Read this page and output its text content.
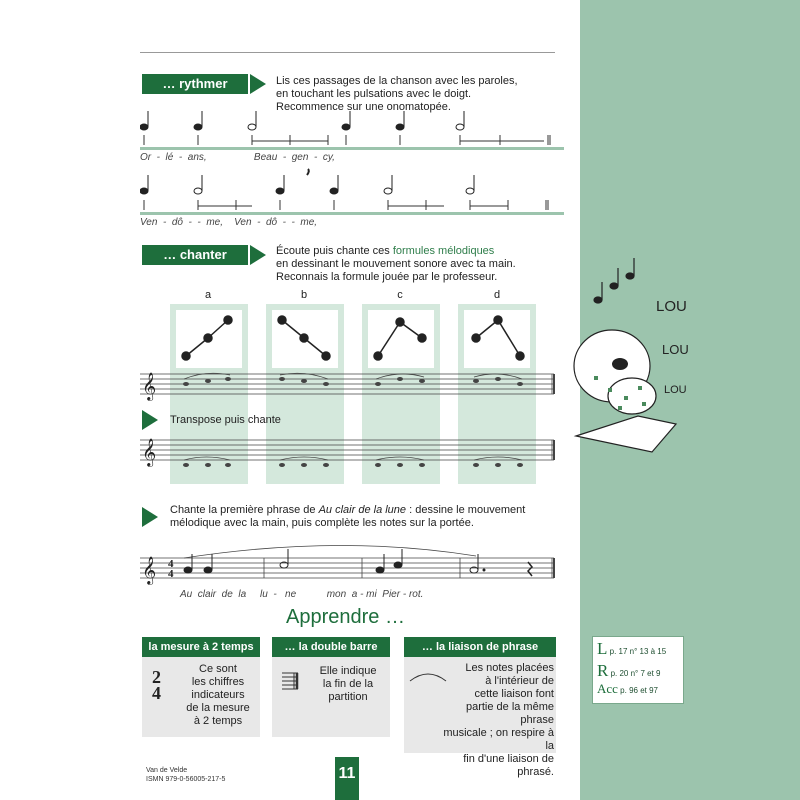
… rythmer	Lis ces passages de la chanson avec les paroles,
en touchant les pulsations avec le doigt.
Recommence sur une onomatopée.
Or  -  lé  -  ans,                 Beau  -  gen  -  cy,
Ven  -  dô  -  -  me,    Ven  -  dô  -  -  me,
… chanter	Écoute puis chante ces formules mélodiques
en dessinant le mouvement sonore avec ta main.
Reconnais la formule jouée par le professeur.
a	b	c	d
𝄞
𝄞
Transpose puis chante
Chante la première phrase de Au clair de la lune : dessine le mouvement
mélodique avec la main, puis complète les notes sur la portée.
𝄞 4
4
Au  clair  de  la     lu  -   ne           mon  a - mi  Pier - rot.
Apprendre …
la mesure à 2 temps
2
4
Ce sont
les chiffres
indicateurs
de la mesure
à 2 temps
… la double barre
Elle indique
la fin de la
partition
… la liaison de phrase
Les notes placées
à l'intérieur de
cette liaison font
partie de la même phrase
musicale ; on respire à la
fin d'une liaison de phrasé.
LOU
LOU
LOU
L p. 17 n° 13 à 15
R p. 20 n° 7 et 9
Acc p. 96 et 97
Van de Velde
ISMN 979-0-56005-217-5	11
